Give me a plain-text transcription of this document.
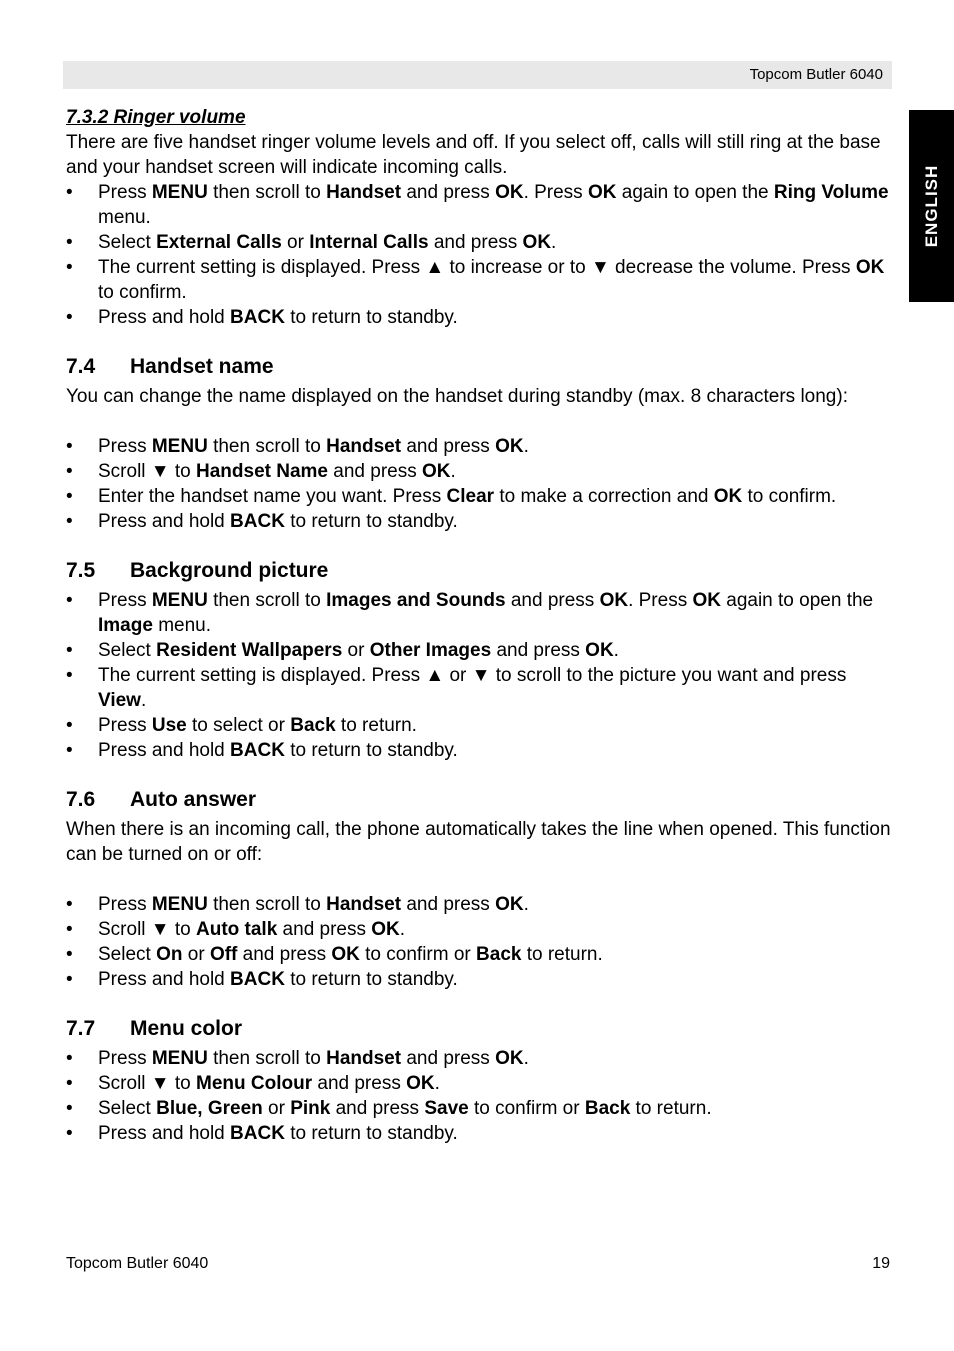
Topcom Butler 6040
ENGLISH

7.3.2 Ringer volume

There are five handset ringer volume levels and off. If you select off, calls will still ring at the base and your handset screen will indicate incoming calls.

• Press MENU then scroll to Handset and press OK. Press OK again to open the Ring Volume menu.
• Select External Calls or Internal Calls and press OK.
• The current setting is displayed. Press ▲ to increase or to ▼ decrease the volume. Press OK to confirm.
• Press and hold BACK to return to standby.
7.4	Handset name

You can change the name displayed on the handset during standby (max. 8 characters long):

• Press MENU then scroll to Handset and press OK.
• Scroll ▼ to Handset Name and press OK.
• Enter the handset name you want. Press Clear to make a correction and OK to confirm.
• Press and hold BACK to return to standby.
7.5	Background picture
• Press MENU then scroll to Images and Sounds and press OK. Press OK again to open the Image menu.
• Select Resident Wallpapers or Other Images and press OK.
• The current setting is displayed. Press ▲ or ▼ to scroll to the picture you want and press View.
• Press Use to select or Back to return.
• Press and hold BACK to return to standby.
7.6	Auto answer

When there is an incoming call, the phone automatically takes the line when opened. This function can be turned on or off:

• Press MENU then scroll to Handset and press OK.
• Scroll ▼ to Auto talk and press OK.
• Select On or Off and press OK to confirm or Back to return.
• Press and hold BACK to return to standby.
7.7	Menu color
• Press MENU then scroll to Handset and press OK.
• Scroll ▼ to Menu Colour and press OK.
• Select Blue, Green or Pink and press Save to confirm or Back to return.
• Press and hold BACK to return to standby.
Topcom Butler 6040	19
